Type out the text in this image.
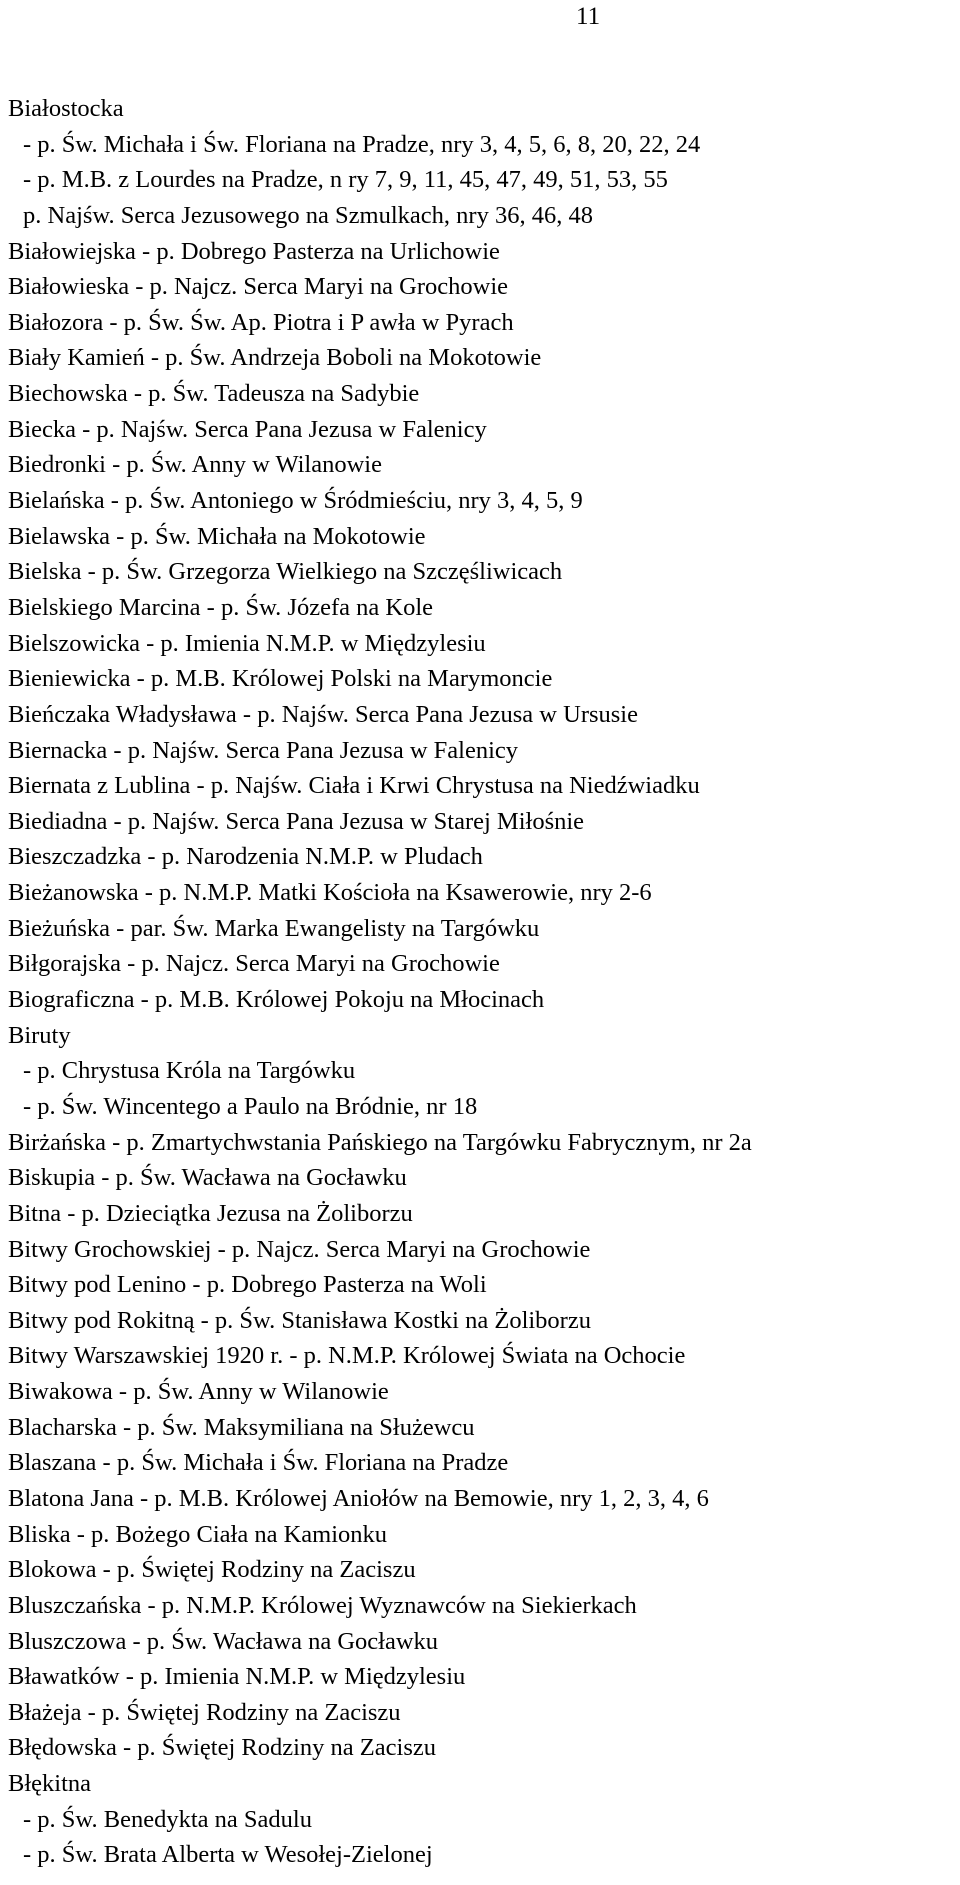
11
Białostocka
- p. Św. Michała i Św. Floriana na Pradze, nry 3, 4, 5, 6, 8, 20, 22, 24
- p. M.B. z Lourdes na Pradze, n ry 7, 9, 11, 45, 47, 49, 51, 53, 55
p. Najśw. Serca Jezusowego na Szmulkach, nry 36, 46, 48
Białowiejska - p. Dobrego Pasterza na Urlichowie
Białowieska - p. Najcz. Serca Maryi na Grochowie
Białozora - p. Św. Św. Ap. Piotra i P awła w Pyrach
Biały Kamień - p. Św. Andrzeja Boboli na Mokotowie
Biechowska - p. Św. Tadeusza na Sadybie
Biecka - p. Najśw. Serca Pana Jezusa w Falenicy
Biedronki - p. Św. Anny w Wilanowie
Bielańska - p. Św. Antoniego w Śródmieściu, nry 3, 4, 5, 9
Bielawska - p. Św. Michała na Mokotowie
Bielska - p. Św. Grzegorza Wielkiego na Szczęśliwicach
Bielskiego Marcina - p. Św. Józefa na Kole
Bielszowicka - p. Imienia N.M.P. w Międzylesiu
Bieniewicka - p. M.B. Królowej Polski na Marymoncie
Bieńczaka Władysława - p. Najśw. Serca Pana Jezusa w Ursusie
Biernacka - p. Najśw. Serca Pana Jezusa w Falenicy
Biernata z Lublina - p. Najśw. Ciała i Krwi Chrystusa na Niedźwiadku
Biediadna - p. Najśw. Serca Pana Jezusa w Starej Miłośnie
Bieszczadzka - p. Narodzenia N.M.P. w Pludach
Bieżanowska - p. N.M.P. Matki Kościoła na Ksawerowie, nry 2-6
Bieżuńska - par. Św. Marka Ewangelisty na Targówku
Biłgorajska - p. Najcz. Serca Maryi na Grochowie
Biograficzna - p. M.B. Królowej Pokoju na Młocinach
Biruty
- p. Chrystusa Króla na Targówku
- p. Św. Wincentego a Paulo na Bródnie, nr 18
Birżańska - p. Zmartychwstania Pańskiego na Targówku Fabrycznym, nr 2a
Biskupia - p. Św. Wacława na Gocławku
Bitna - p. Dzieciątka Jezusa na Żoliborzu
Bitwy Grochowskiej - p. Najcz. Serca Maryi na Grochowie
Bitwy pod Lenino - p. Dobrego Pasterza na Woli
Bitwy pod Rokitną - p. Św. Stanisława Kostki na Żoliborzu
Bitwy Warszawskiej 1920 r. - p. N.M.P. Królowej Świata na Ochocie
Biwakowa - p. Św. Anny w Wilanowie
Blacharska - p. Św. Maksymiliana na Służewcu
Blaszana - p. Św. Michała i Św. Floriana na Pradze
Blatona Jana - p. M.B. Królowej Aniołów na Bemowie, nry 1, 2, 3, 4, 6
Bliska - p. Bożego Ciała na Kamionku
Blokowa - p. Świętej Rodziny na Zaciszu
Bluszczańska - p. N.M.P. Królowej Wyznawców na Siekierkach
Bluszczowa - p. Św. Wacława na Gocławku
Bławatków - p. Imienia N.M.P. w Międzylesiu
Błażeja - p. Świętej Rodziny na Zaciszu
Błędowska - p. Świętej Rodziny na Zaciszu
Błękitna
- p. Św. Benedykta na Sadulu
- p. Św. Brata Alberta w Wesołej-Zielonej
